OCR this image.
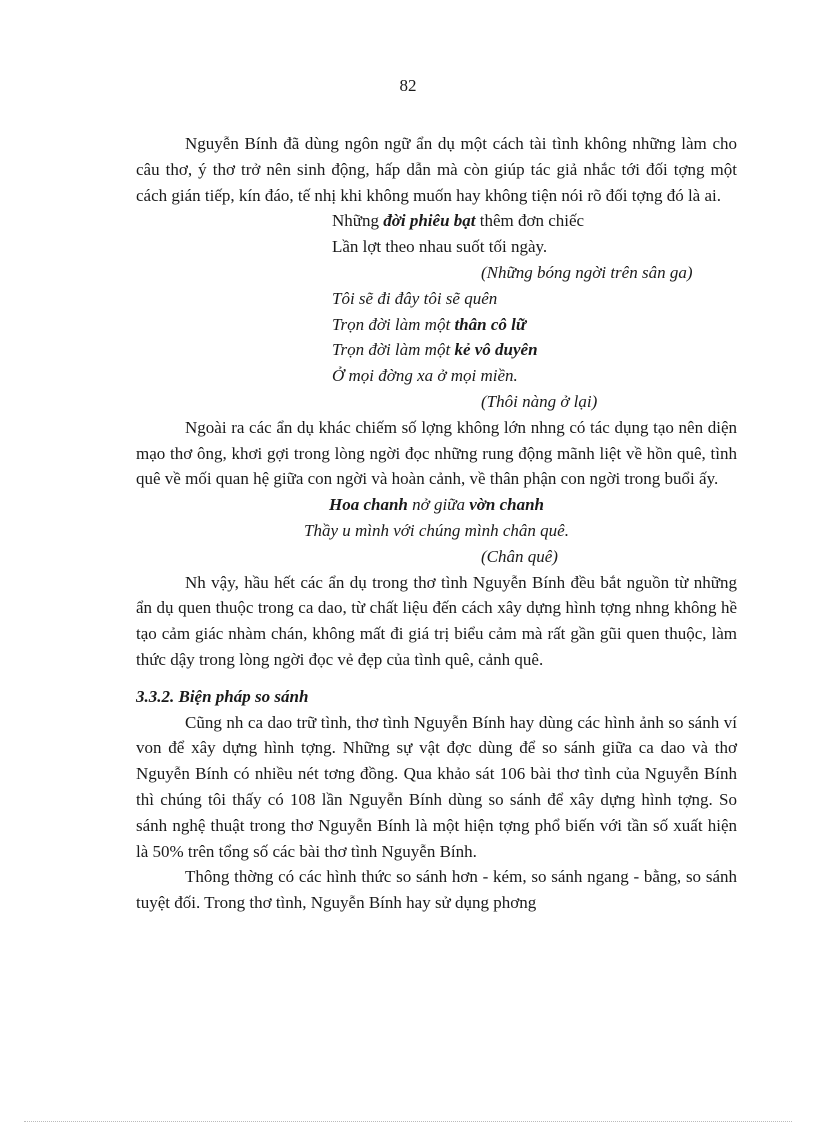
82

Nguyễn Bính đã dùng ngôn ngữ ẩn dụ một cách tài tình không những làm cho câu thơ, ý thơ trở nên sinh động, hấp dẫn mà còn giúp tác giả nhắc tới đối tợng một cách gián tiếp, kín đáo, tế nhị khi không muốn hay không tiện nói rõ đối tợng đó là ai.

Những đời phiêu bạt thêm đơn chiếc

Lần lợt theo nhau suốt tối ngày.

(Những bóng ngời trên sân ga)

Tôi sẽ đi đây tôi sẽ quên

Trọn đời làm một thân cô lữ

Trọn đời làm một kẻ vô duyên

Ở mọi đờng xa ở mọi miền.

(Thôi nàng ở lại)

Ngoài ra các ẩn dụ khác chiếm số lợng không lớn nhng có tác dụng tạo nên diện mạo thơ ông, khơi gợi trong lòng ngời đọc những rung động mãnh liệt về hồn quê, tình quê về mối quan hệ giữa con ngời và hoàn cảnh, về thân phận con ngời trong buổi ấy.

Hoa chanh nở giữa vờn chanh

Thầy u mình với chúng mình chân quê.

(Chân quê)

Nh vậy, hầu hết các ẩn dụ trong thơ tình Nguyễn Bính đều bắt nguồn từ những ẩn dụ quen thuộc trong ca dao, từ chất liệu đến cách xây dựng hình tợng nhng không hề tạo cảm giác nhàm chán, không mất đi giá trị biểu cảm mà rất gần gũi quen thuộc, làm thức dậy trong lòng ngời đọc vẻ đẹp của tình quê, cảnh quê.

3.3.2. Biện pháp so sánh

Cũng nh ca dao trữ tình, thơ tình Nguyễn Bính hay dùng các hình ảnh so sánh ví von để xây dựng hình tợng. Những sự vật đợc dùng để so sánh giữa ca dao và thơ Nguyễn Bính có nhiều nét tơng đồng. Qua khảo sát 106 bài thơ tình của Nguyễn Bính thì chúng tôi thấy có 108 lần Nguyễn Bính dùng so sánh để xây dựng hình tợng. So sánh nghệ thuật trong thơ Nguyễn Bính là một hiện tợng phổ biến với tần số xuất hiện là 50% trên tổng số các bài thơ tình Nguyễn Bính.

Thông thờng có các hình thức so sánh hơn - kém, so sánh ngang - bằng, so sánh tuyệt đối. Trong thơ tình, Nguyễn Bính hay sử dụng phơng
